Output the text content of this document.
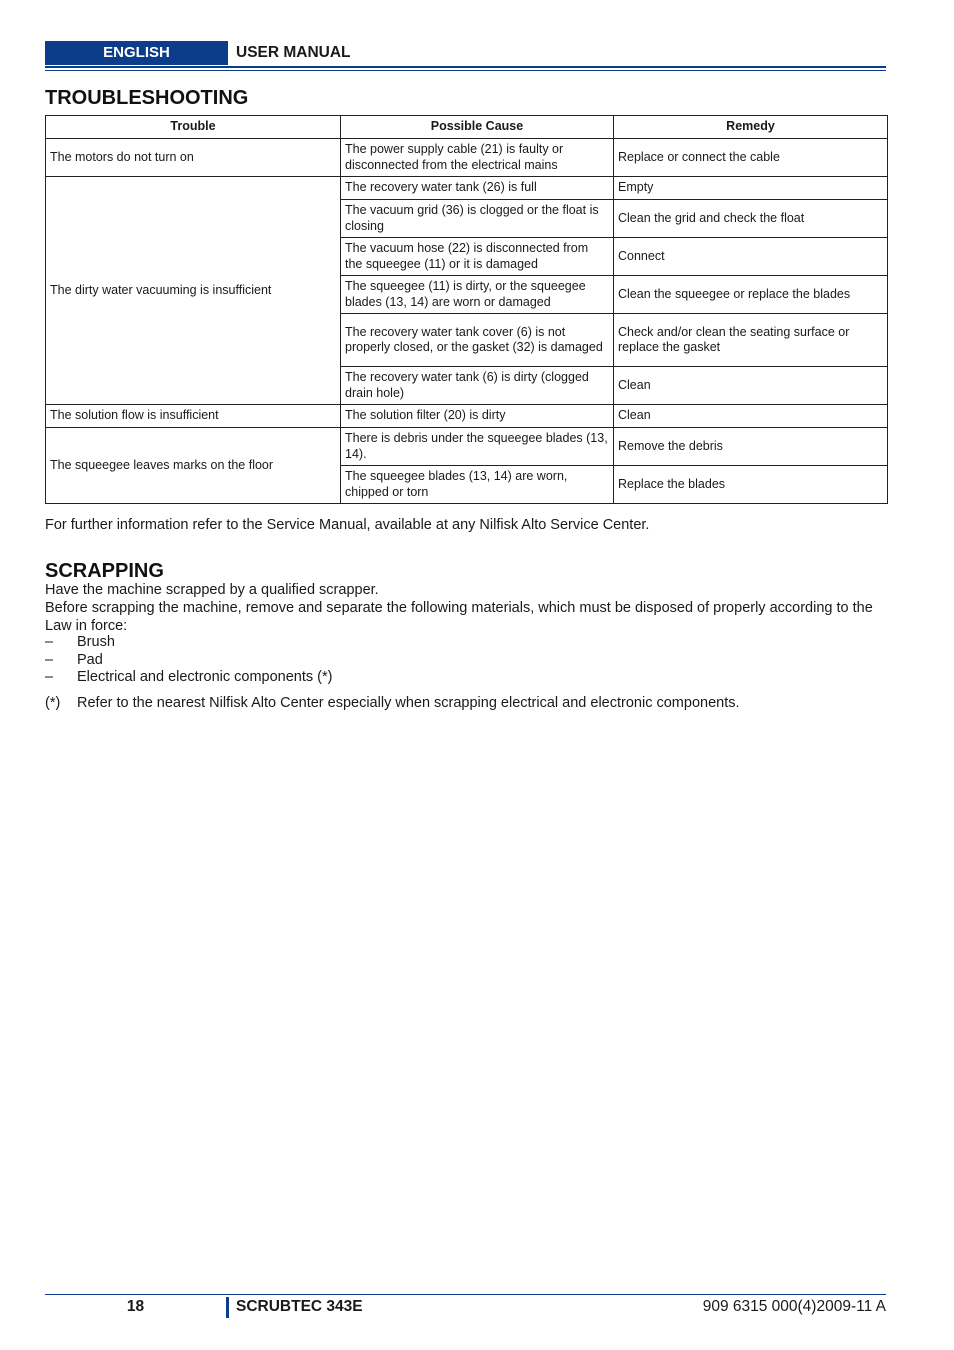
ENGLISH	USER MANUAL
TROUBLESHOOTING
Trouble	Possible Cause	Remedy
The motors do not turn on	The power supply cable (21) is faulty or disconnected from the electrical mains	Replace or connect the cable
The dirty water vacuuming is insufficient	The recovery water tank (26) is full	Empty
	The vacuum grid (36) is clogged or the float is closing	Clean the grid and check the float
	The vacuum hose (22) is disconnected from the squeegee (11) or it is damaged	Connect
	The squeegee (11) is dirty, or the squeegee blades (13, 14) are worn or damaged	Clean the squeegee or replace the blades
	The recovery water tank cover (6) is not properly closed, or the gasket (32) is damaged	Check and/or clean the seating surface or replace the gasket
	The recovery water tank (6) is dirty (clogged drain hole)	Clean
The solution flow is insufficient	The solution filter (20) is dirty	Clean
The squeegee leaves marks on the floor	There is debris under the squeegee blades (13, 14).	Remove the debris
	The squeegee blades (13, 14) are worn, chipped or torn	Replace the blades
For further information refer to the Service Manual, available at any Nilfisk Alto Service Center.
SCRAPPING
Have the machine scrapped by a qualified scrapper.
Before scrapping the machine, remove and separate the following materials, which must be disposed of properly according to the Law in force:
– Brush
– Pad
– Electrical and electronic components (*)
(*) Refer to the nearest Nilfisk Alto Center especially when scrapping electrical and electronic components.
18	SCRUBTEC 343E	909 6315 000(4)2009-11 A
